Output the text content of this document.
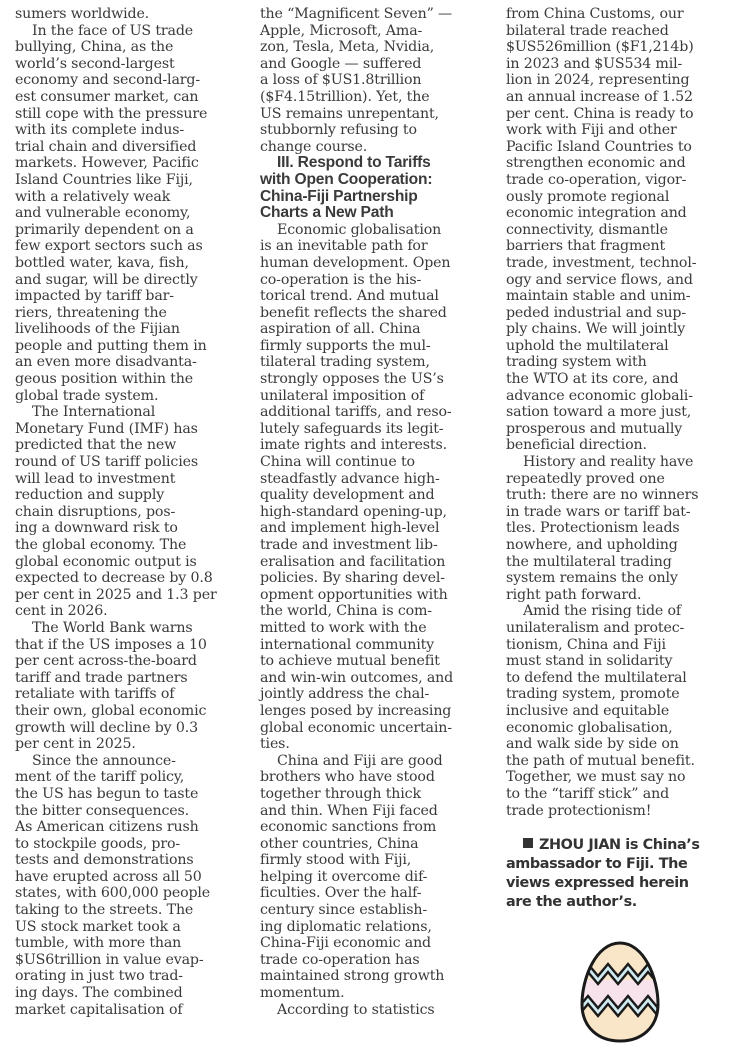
sumers worldwide.
In the face of US trade
bullying, China, as the
world’s second-largest
economy and second-larg-
est consumer market, can
still cope with the pressure
with its complete indus-
trial chain and diversified
markets. However, Pacific
Island Countries like Fiji,
with a relatively weak
and vulnerable economy,
primarily dependent on a
few export sectors such as
bottled water, kava, fish,
and sugar, will be directly
impacted by tariff bar-
riers, threatening the
livelihoods of the Fijian
people and putting them in
an even more disadvanta-
geous position within the
global trade system.
The International
Monetary Fund (IMF) has
predicted that the new
round of US tariff policies
will lead to investment
reduction and supply
chain disruptions, pos-
ing a downward risk to
the global economy. The
global economic output is
expected to decrease by 0.8
per cent in 2025 and 1.3 per
cent in 2026.
The World Bank warns
that if the US imposes a 10
per cent across-the-board
tariff and trade partners
retaliate with tariffs of
their own, global economic
growth will decline by 0.3
per cent in 2025.
Since the announce-
ment of the tariff policy,
the US has begun to taste
the bitter consequences.
As American citizens rush
to stockpile goods, pro-
tests and demonstrations
have erupted across all 50
states, with 600,000 people
taking to the streets. The
US stock market took a
tumble, with more than
$US6trillion in value evap-
orating in just two trad-
ing days. The combined
market capitalisation of
the “Magnificent Seven” —
Apple, Microsoft, Ama-
zon, Tesla, Meta, Nvidia,
and Google — suffered
a loss of $US1.8trillion
($F4.15trillion). Yet, the
US remains unrepentant,
stubbornly refusing to
change course.
III. Respond to Tariffs
with Open Cooperation:
China-Fiji Partnership
Charts a New Path
Economic globalisation
is an inevitable path for
human development. Open
co-operation is the his-
torical trend. And mutual
benefit reflects the shared
aspiration of all. China
firmly supports the mul-
tilateral trading system,
strongly opposes the US’s
unilateral imposition of
additional tariffs, and reso-
lutely safeguards its legit-
imate rights and interests.
China will continue to
steadfastly advance high-
quality development and
high-standard opening-up,
and implement high-level
trade and investment lib-
eralisation and facilitation
policies. By sharing devel-
opment opportunities with
the world, China is com-
mitted to work with the
international community
to achieve mutual benefit
and win-win outcomes, and
jointly address the chal-
lenges posed by increasing
global economic uncertain-
ties.
China and Fiji are good
brothers who have stood
together through thick
and thin. When Fiji faced
economic sanctions from
other countries, China
firmly stood with Fiji,
helping it overcome dif-
ficulties. Over the half-
century since establish-
ing diplomatic relations,
China-Fiji economic and
trade co-operation has
maintained strong growth
momentum.
According to statistics
from China Customs, our
bilateral trade reached
$US526million ($F1,214b)
in 2023 and $US534 mil-
lion in 2024, representing
an annual increase of 1.52
per cent. China is ready to
work with Fiji and other
Pacific Island Countries to
strengthen economic and
trade co-operation, vigor-
ously promote regional
economic integration and
connectivity, dismantle
barriers that fragment
trade, investment, technol-
ogy and service flows, and
maintain stable and unim-
peded industrial and sup-
ply chains. We will jointly
uphold the multilateral
trading system with
the WTO at its core, and
advance economic globali-
sation toward a more just,
prosperous and mutually
beneficial direction.
History and reality have
repeatedly proved one
truth: there are no winners
in trade wars or tariff bat-
tles. Protectionism leads
nowhere, and upholding
the multilateral trading
system remains the only
right path forward.
Amid the rising tide of
unilateralism and protec-
tionism, China and Fiji
must stand in solidarity
to defend the multilateral
trading system, promote
inclusive and equitable
economic globalisation,
and walk side by side on
the path of mutual benefit.
Together, we must say no
to the “tariff stick” and
trade protectionism!
ZHOU JIAN is China’s
ambassador to Fiji. The
views expressed herein
are the author’s.
